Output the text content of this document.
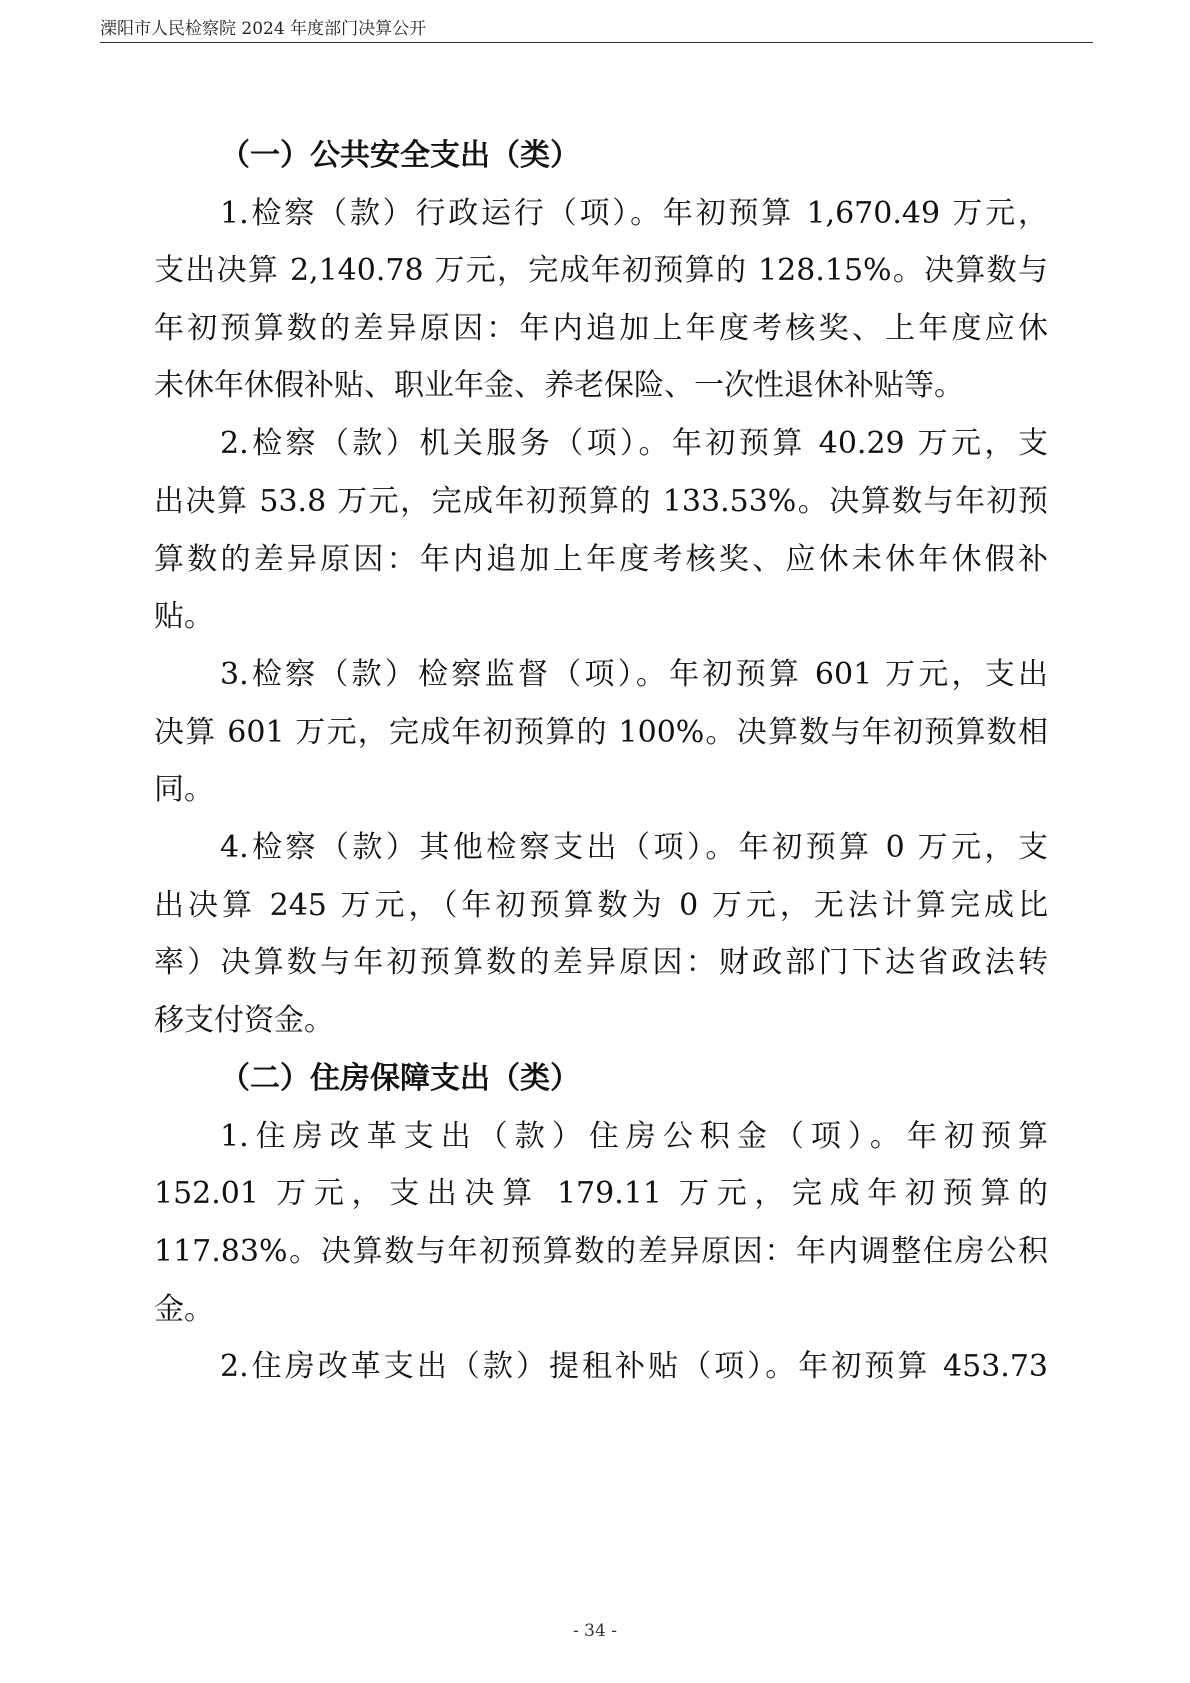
溧阳市人民检察院 2024 年度部门决算公开
（一）公共安全支出（类）
1.检察（款）行政运行（项）。年初预算 1,670.49 万元，
支出决算 2,140.78 万元，完成年初预算的 128.15%。决算数与
年初预算数的差异原因：年内追加上年度考核奖、上年度应休
未休年休假补贴、职业年金、养老保险、一次性退休补贴等。
2.检察（款）机关服务（项）。年初预算 40.29 万元，支
出决算 53.8 万元，完成年初预算的 133.53%。决算数与年初预
算数的差异原因：年内追加上年度考核奖、应休未休年休假补
贴。
3.检察（款）检察监督（项）。年初预算 601 万元，支出
决算 601 万元，完成年初预算的 100%。决算数与年初预算数相
同。
4.检察（款）其他检察支出（项）。年初预算 0 万元，支
出决算 245 万元，（年初预算数为 0 万元，无法计算完成比
率）决算数与年初预算数的差异原因：财政部门下达省政法转
移支付资金。
（二）住房保障支出（类）
1.住房改革支出（款）住房公积金（项）。年初预算
152.01 万元，支出决算 179.11 万元，完成年初预算的
117.83%。决算数与年初预算数的差异原因：年内调整住房公积
金。
2.住房改革支出（款）提租补贴（项）。年初预算 453.73
- 34 -
